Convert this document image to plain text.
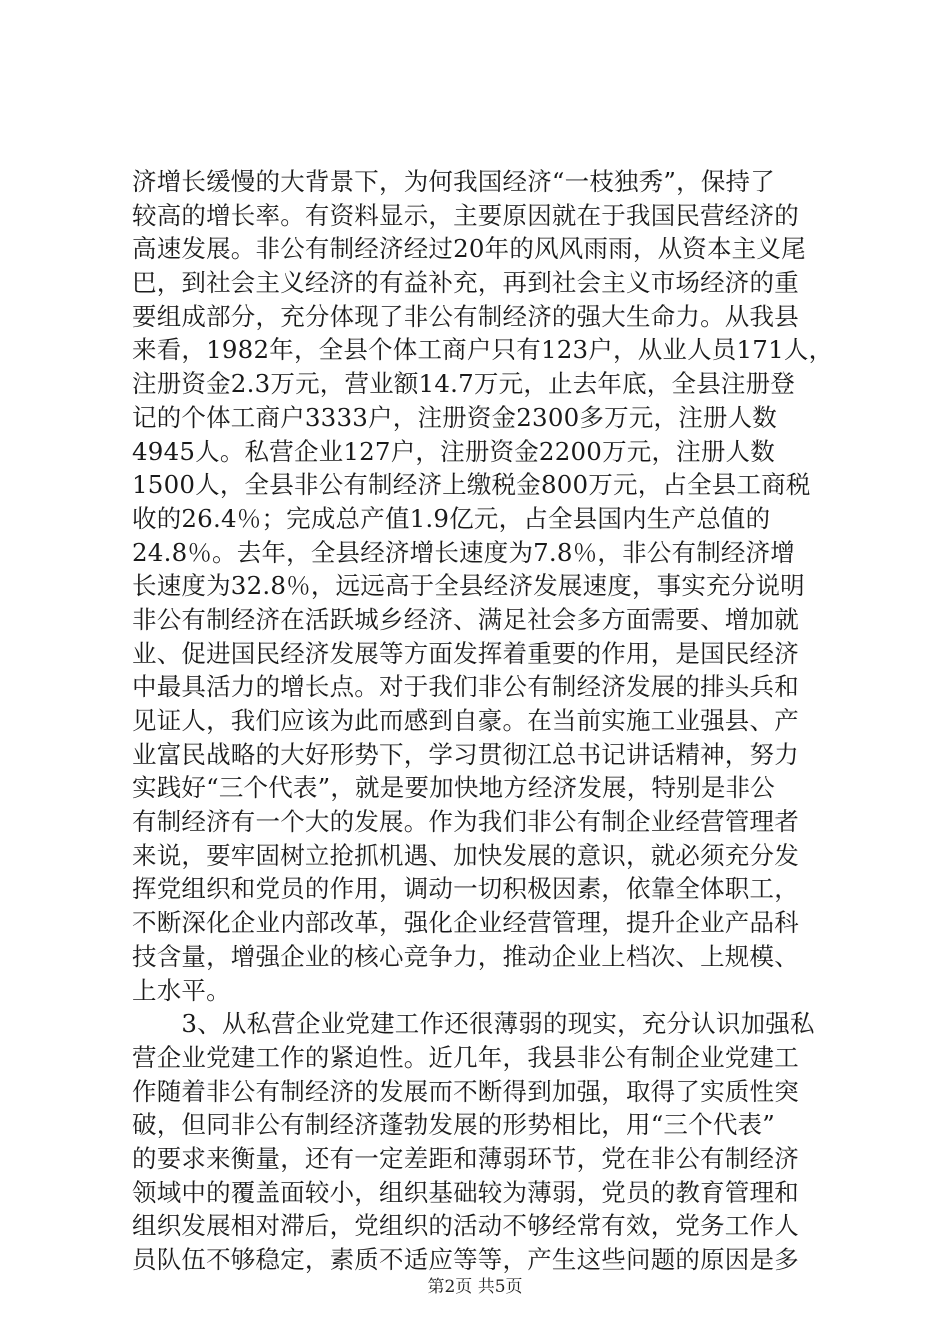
济增长缓慢的大背景下，为何我国经济“一枝独秀”，保持了
较高的增长率。有资料显示，主要原因就在于我国民营经济的
高速发展。非公有制经济经过20年的风风雨雨，从资本主义尾
巴，到社会主义经济的有益补充，再到社会主义市场经济的重
要组成部分，充分体现了非公有制经济的强大生命力。从我县
来看，1982年，全县个体工商户只有123户，从业人员171人，
注册资金2.3万元，营业额14.7万元，止去年底，全县注册登
记的个体工商户3333户，注册资金2300多万元，注册人数
4945人。私营企业127户，注册资金2200万元，注册人数
1500人，全县非公有制经济上缴税金800万元，占全县工商税
收的26.4％；完成总产值1.9亿元，占全县国内生产总值的
24.8％。去年，全县经济增长速度为7.8％，非公有制经济增
长速度为32.8％，远远高于全县经济发展速度，事实充分说明
非公有制经济在活跃城乡经济、满足社会多方面需要、增加就
业、促进国民经济发展等方面发挥着重要的作用，是国民经济
中最具活力的增长点。对于我们非公有制经济发展的排头兵和
见证人，我们应该为此而感到自豪。在当前实施工业强县、产
业富民战略的大好形势下，学习贯彻江总书记讲话精神，努力
实践好“三个代表”，就是要加快地方经济发展，特别是非公
有制经济有一个大的发展。作为我们非公有制企业经营管理者
来说，要牢固树立抢抓机遇、加快发展的意识，就必须充分发
挥党组织和党员的作用，调动一切积极因素，依靠全体职工，
不断深化企业内部改革，强化企业经营管理，提升企业产品科
技含量，增强企业的核心竞争力，推动企业上档次、上规模、
上水平。
　　3、从私营企业党建工作还很薄弱的现实，充分认识加强私
营企业党建工作的紧迫性。近几年，我县非公有制企业党建工
作随着非公有制经济的发展而不断得到加强，取得了实质性突
破，但同非公有制经济蓬勃发展的形势相比，用“三个代表”
的要求来衡量，还有一定差距和薄弱环节，党在非公有制经济
领域中的覆盖面较小，组织基础较为薄弱，党员的教育管理和
组织发展相对滞后，党组织的活动不够经常有效，党务工作人
员队伍不够稳定，素质不适应等等，产生这些问题的原因是多
第2页 共5页
